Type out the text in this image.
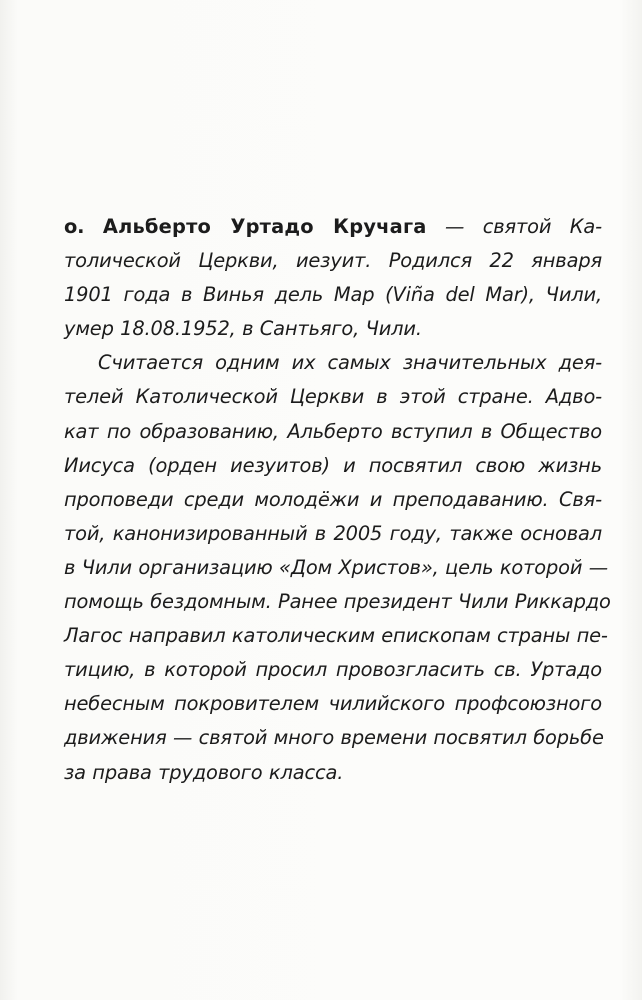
о. Альберто Уртадо Кручага — святой Ка-
толической Церкви, иезуит. Родился 22 января
1901 года в Винья дель Мар (Viña del Mar), Чили,
умер 18.08.1952, в Сантьяго, Чили.

Считается одним их самых значительных дея-
телей Католической Церкви в этой стране. Адво-
кат по образованию, Альберто вступил в Общество
Иисуса (орден иезуитов) и посвятил свою жизнь
проповеди среди молодёжи и преподаванию. Свя-
той, канонизированный в 2005 году, также основал
в Чили организацию «Дом Христов», цель которой —
помощь бездомным. Ранее президент Чили Риккардо
Лагос направил католическим епископам страны пе-
тицию, в которой просил провозгласить св. Уртадо
небесным покровителем чилийского профсоюзного
движения — святой много времени посвятил борьбе
за права трудового класса.
